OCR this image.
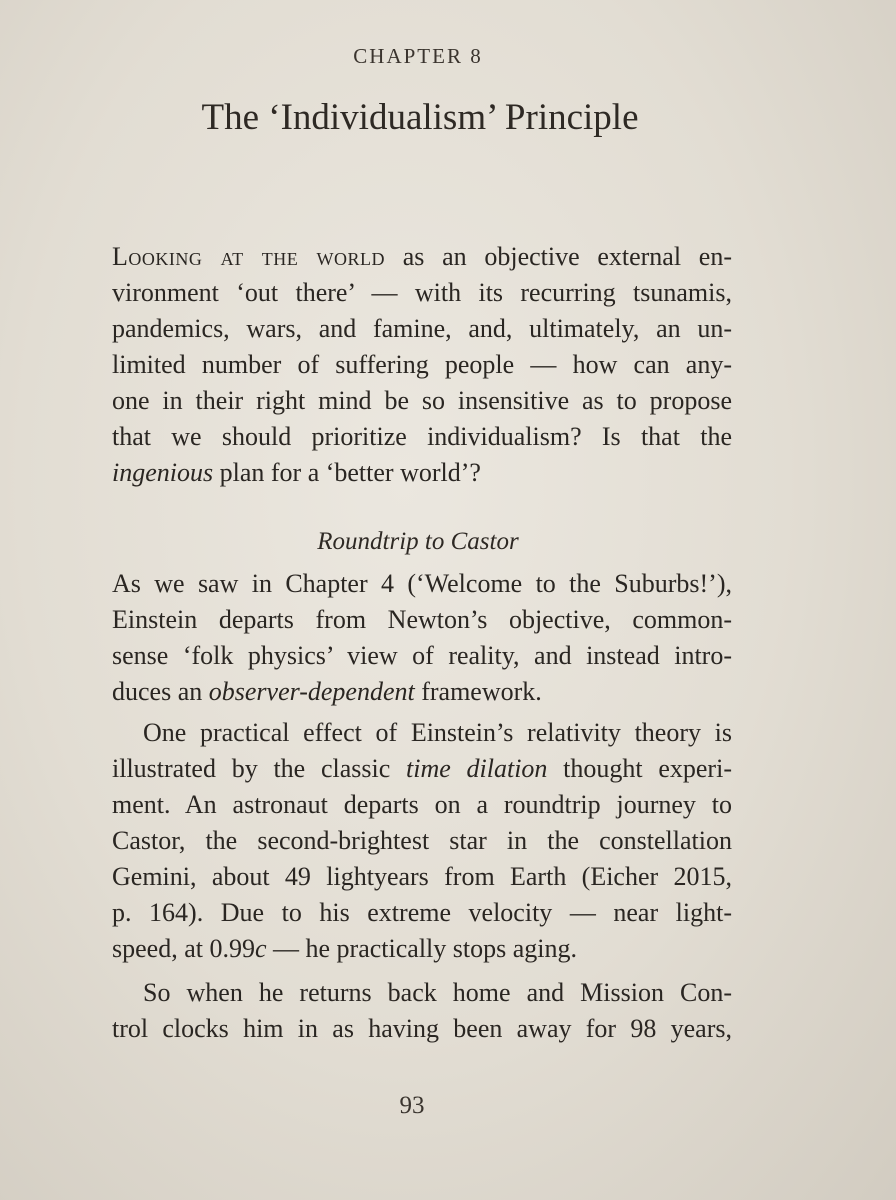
CHAPTER 8
The ‘Individualism’ Principle
Looking at the world as an objective external en-
vironment ‘out there’ — with its recurring tsunamis,
pandemics, wars, and famine, and, ultimately, an un-
limited number of suffering people — how can any-
one in their right mind be so insensitive as to propose
that we should prioritize individualism? Is that the
ingenious plan for a ‘better world’?
Roundtrip to Castor
As we saw in Chapter 4 (‘Welcome to the Suburbs!’),
Einstein departs from Newton’s objective, common-
sense ‘folk physics’ view of reality, and instead intro-
duces an observer-dependent framework.
One practical effect of Einstein’s relativity theory is
illustrated by the classic time dilation thought experi-
ment. An astronaut departs on a roundtrip journey to
Castor, the second-brightest star in the constellation
Gemini, about 49 lightyears from Earth (Eicher 2015,
p. 164). Due to his extreme velocity — near light-
speed, at 0.99c — he practically stops aging.
So when he returns back home and Mission Con-
trol clocks him in as having been away for 98 years,
93
